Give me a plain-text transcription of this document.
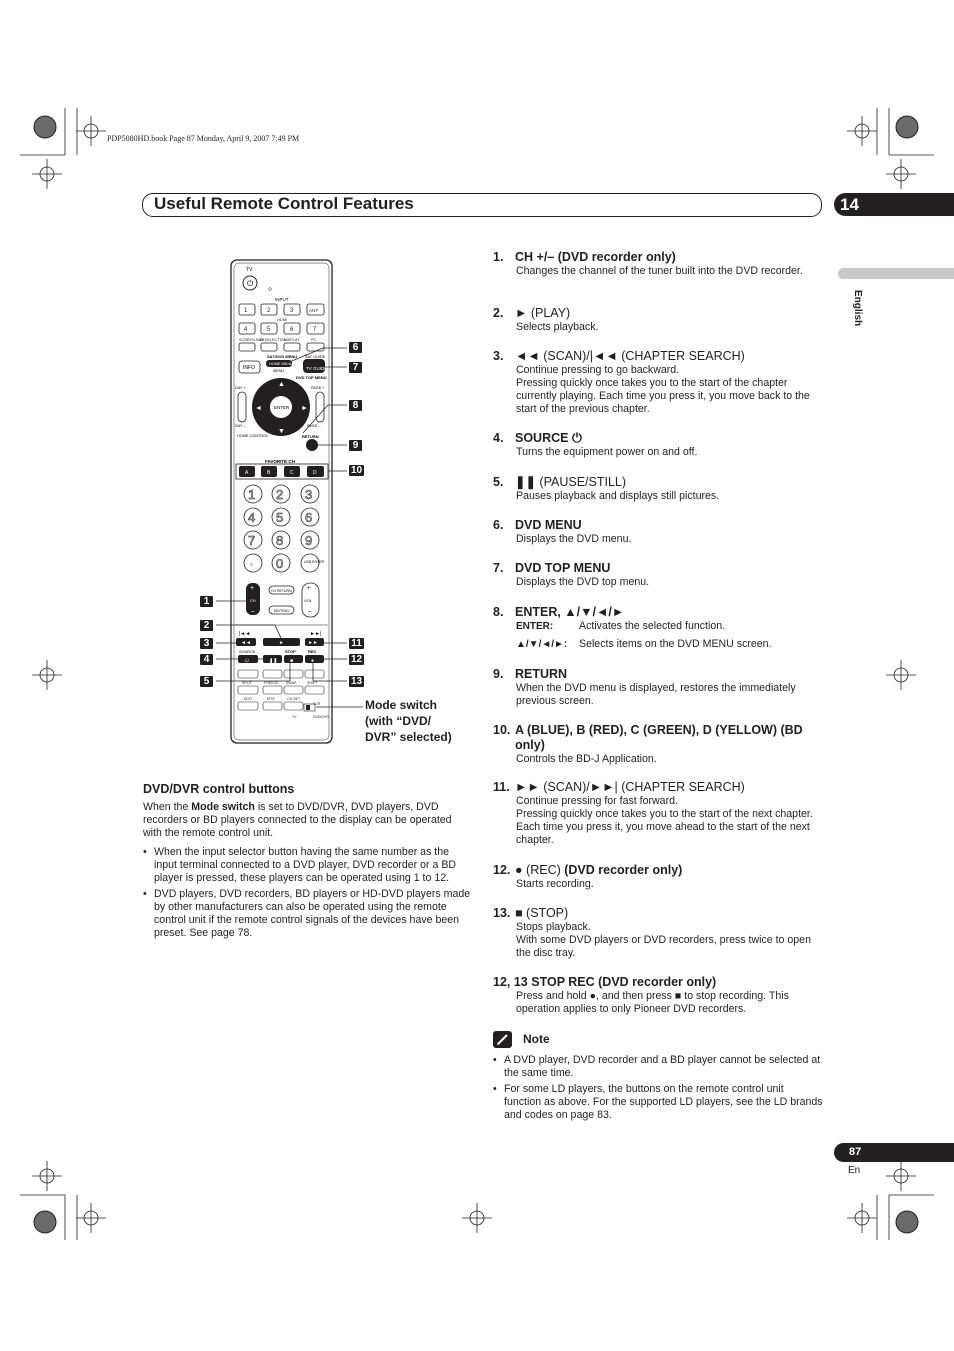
PDP5080HD.book Page 87 Monday, April 9, 2007 7:49 PM
Useful Remote Control Features	14
English
TV
⏻
INPUT
1	2	3	ANT
HDMI
4	5	6	7
SCREEN SIZE
AV SELECTION
DISPLAY	PC
SAT/DVD MENU SAT GUIDE
HOME MENU
MENU
INFO	TV GUIDE
DVD TOP MENU
ENTER
▲
▼
◄	►
DAY +
DAY –
PAGE +
PAGE –
HOME CONTROL	RETURN
FAVORITE CH
A	B	C	D
1 2 3
4 5 6
7 8 9
• 0	USB ENTER
+
–
CH
CH RETURN
MUTING
+
–
VOL
◄◄	►	►►
|◄◄	►►|
SOURCE	STOP	REC
⏻	❚❚	■	●
SPLIT	FREEZE SWAP	SHIFT
EDIT	MTS	CH SET
TV	DVD/DVR
VCR
6
7
8
9
10
1
2
3
4
5
11
12
13
Mode switch
(with “DVD/
DVR” selected)
DVD/DVR control buttons
When the Mode switch is set to DVD/DVR, DVD players, DVD recorders or BD players connected to the display can be operated with the remote control unit.
• When the input selector button having the same number as the input terminal connected to a DVD player, DVD recorder or a BD player is pressed, these players can be operated using 1 to 12.
• DVD players, DVD recorders, BD players or HD-DVD players made by other manufacturers can also be operated using the remote control unit if the remote control signals of the devices have been preset. See page 78.
1. CH +/– (DVD recorder only)
Changes the channel of the tuner built into the DVD recorder.
2. ► (PLAY)
Selects playback.
3. ◄◄ (SCAN)/|◄◄ (CHAPTER SEARCH)
Continue pressing to go backward.
Pressing quickly once takes you to the start of the chapter currently playing. Each time you press it, you move back to the start of the previous chapter.
4. SOURCE ⏻
Turns the equipment power on and off.
5. ❚❚ (PAUSE/STILL)
Pauses playback and displays still pictures.
6. DVD MENU
Displays the DVD menu.
7. DVD TOP MENU
Displays the DVD top menu.
8. ENTER, ▲/▼/◄/►
ENTER:	Activates the selected function.
▲/▼/◄/►:	Selects items on the DVD MENU screen.
9. RETURN
When the DVD menu is displayed, restores the immediately previous screen.
10. A (BLUE), B (RED), C (GREEN), D (YELLOW) (BD only)
Controls the BD-J Application.
11. ►► (SCAN)/►►| (CHAPTER SEARCH)
Continue pressing for fast forward.
Pressing quickly once takes you to the start of the next chapter. Each time you press it, you move ahead to the start of the next chapter.
12. ● (REC) (DVD recorder only)
Starts recording.
13. ■ (STOP)
Stops playback.
With some DVD players or DVD recorders, press twice to open the disc tray.
12, 13 STOP REC (DVD recorder only)
Press and hold ●, and then press ■ to stop recording. This operation applies to only Pioneer DVD recorders.
Note
• A DVD player, DVD recorder and a BD player cannot be selected at the same time.
• For some LD players, the buttons on the remote control unit function as above. For the supported LD players, see the LD brands and codes on page 83.
87
En
